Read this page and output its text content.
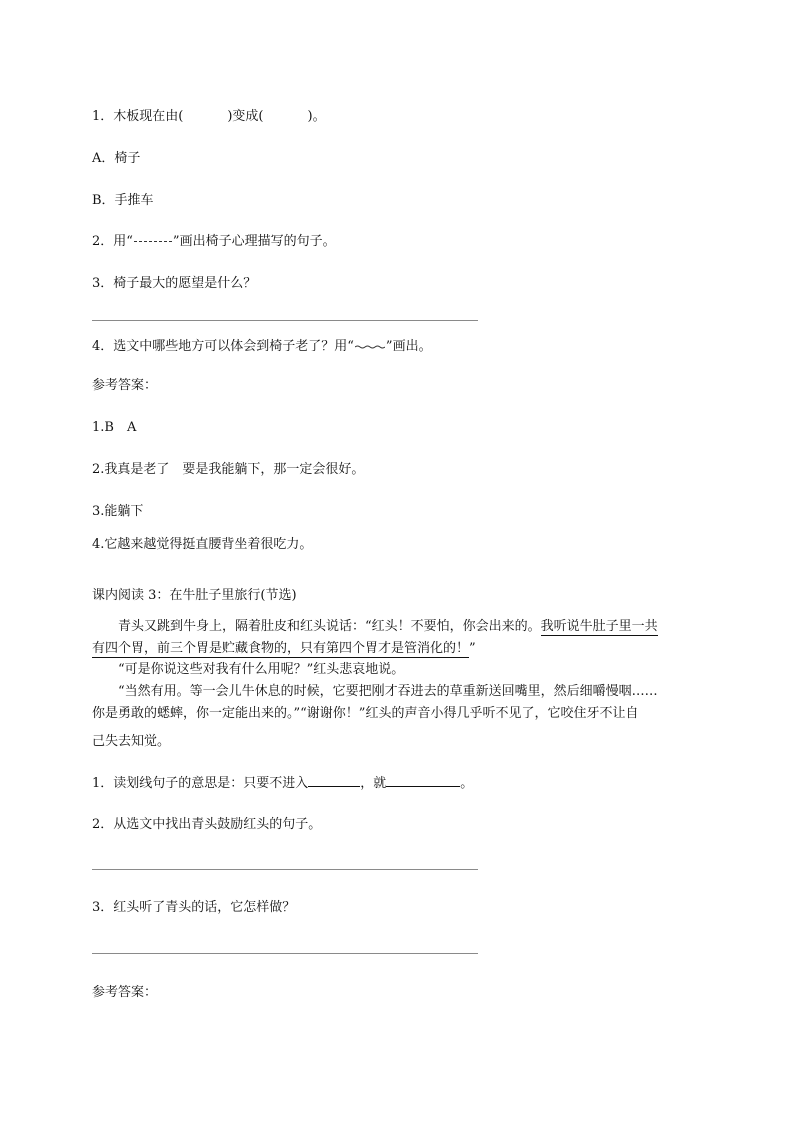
1．木板现在由(	)变成(	)。
A．椅子
B．手推车
2．用“	”画出椅子心理描写的句子。
3．椅子最大的愿望是什么？
4．选文中哪些地方可以体会到椅子老了？用“ ”画出。
参考答案：
1.B　A
2.我真是老了　要是我能躺下，那一定会很好。
3.能躺下
4.它越来越觉得挺直腰背坐着很吃力。
课内阅读 3：在牛肚子里旅行(节选)
青头又跳到牛身上，隔着肚皮和红头说话：“红头！不要怕，你会出来的。我听说牛肚子里一共
有四个胃，前三个胃是贮藏食物的，只有第四个胃才是管消化的！”
“可是你说这些对我有什么用呢？”红头悲哀地说。
“当然有用。等一会儿牛休息的时候，它要把刚才吞进去的草重新送回嘴里，然后细嚼慢咽……
你是勇敢的蟋蟀，你一定能出来的。”“谢谢你！”红头的声音小得几乎听不见了，它咬住牙不让自
己失去知觉。
1．读划线句子的意思是：只要不进入	，就	。
2．从选文中找出青头鼓励红头的句子。
3．红头听了青头的话，它怎样做？
参考答案：
